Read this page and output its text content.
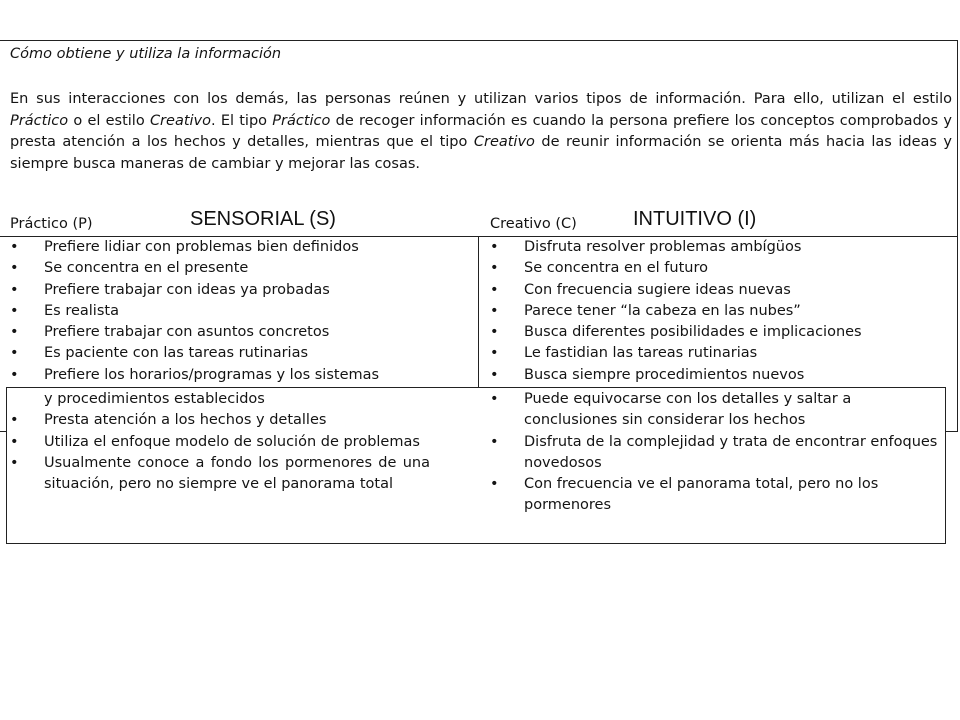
Cómo obtiene y utiliza la información

En sus interacciones con los demás, las personas reúnen y utilizan varios tipos de información. Para ello, utilizan el estilo Práctico o el estilo Creativo. El tipo Práctico de recoger información es cuando la persona prefiere los conceptos comprobados y presta atención a los hechos y detalles, mientras que el tipo Creativo de reunir información se orienta más hacia las ideas y siempre busca maneras de cambiar y mejorar las cosas.

Práctico (P)	Creativo (C)
• Prefiere lidiar con problemas bien definidos
• Se concentra en el presente
• Prefiere trabajar con ideas ya probadas
• Es realista
• Prefiere trabajar con asuntos concretos
• Es paciente con las tareas rutinarias
• Prefiere los horarios/programas y los sistemas
• Disfruta resolver problemas ambígüos
• Se concentra en el futuro
• Con frecuencia sugiere ideas nuevas
• Parece tener “la cabeza en las nubes”
• Busca diferentes posibilidades e implicaciones
• Le fastidian las tareas rutinarias
• Busca siempre procedimientos nuevos
y procedimientos establecidos
• Presta atención a los hechos y detalles
• Utiliza el enfoque modelo de solución de problemas
• Usualmente conoce a fondo los pormenores de una situación, pero no siempre ve el panorama total
• Puede equivocarse con los detalles y saltar a conclusiones sin considerar los hechos
• Disfruta de la complejidad y trata de encontrar enfoques novedosos
• Con frecuencia ve el panorama total, pero no los pormenores
SENSORIAL (S)	INTUITIVO (I)
